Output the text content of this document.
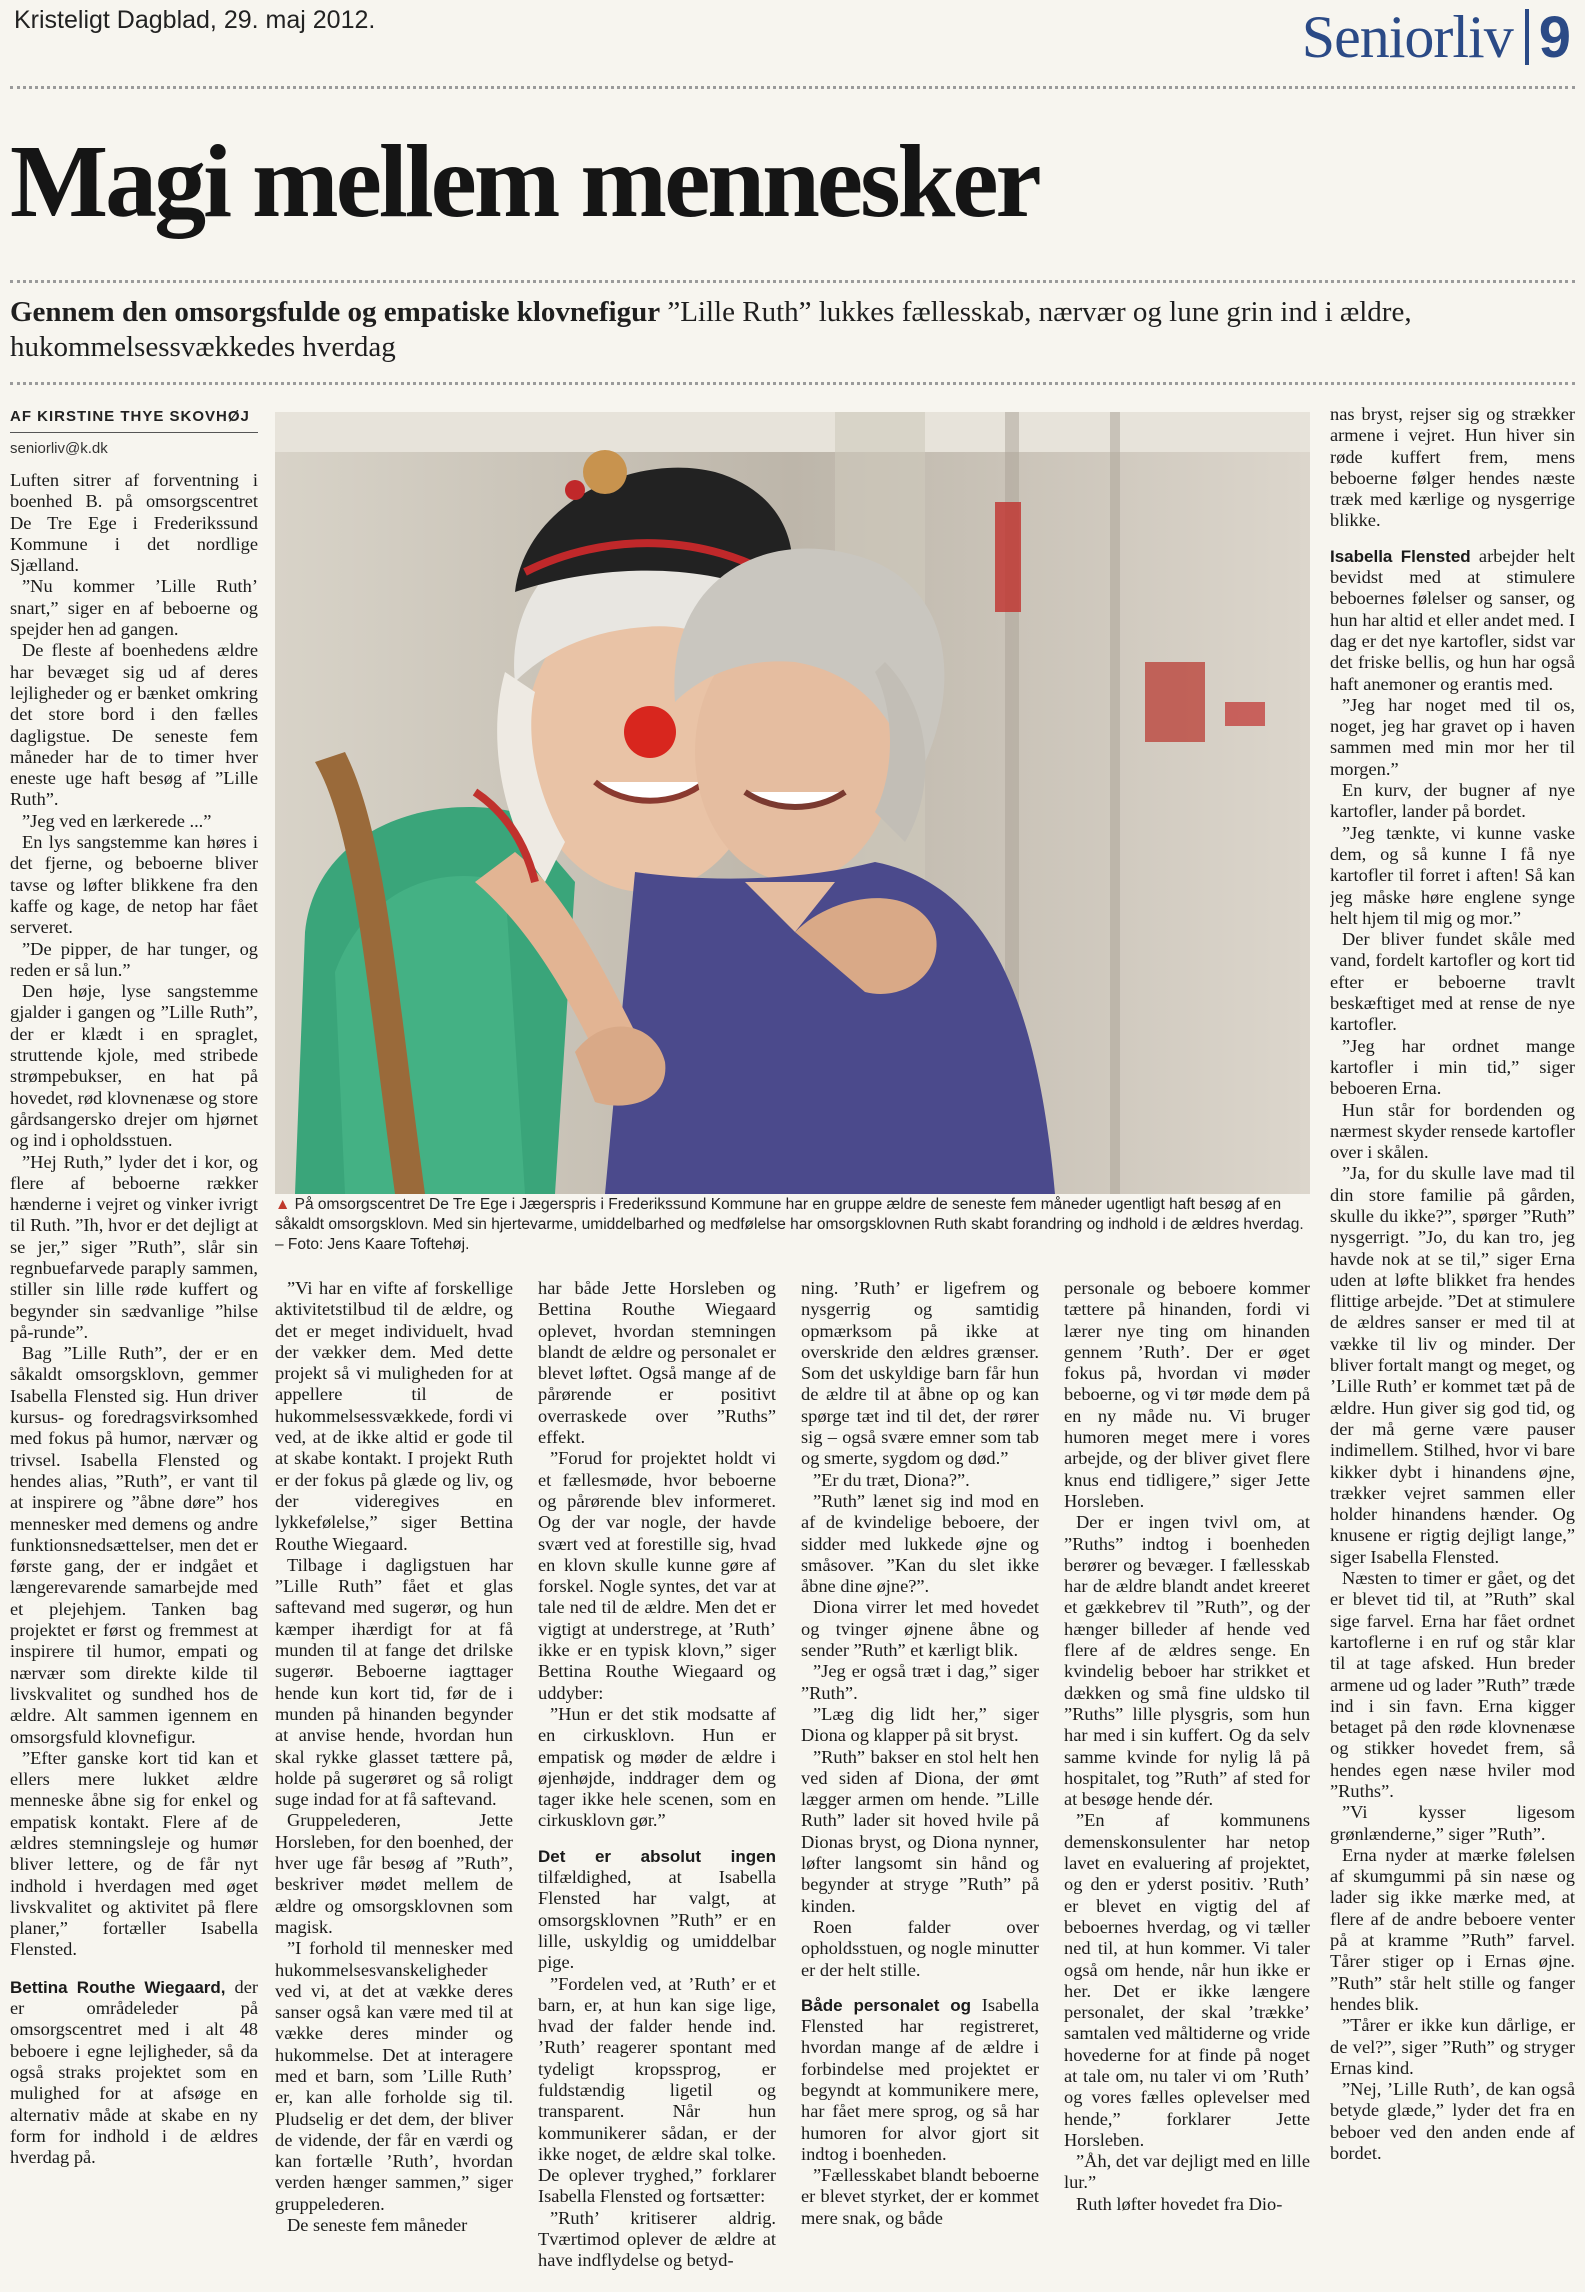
Kristeligt Dagblad, 29. maj 2012.	Seniorliv 9
Magi mellem mennesker
Gennem den omsorgsfulde og empatiske klovnefigur ”Lille Ruth” lukkes fællesskab, nærvær og lune grin ind i ældre, hukommelsessvækkedes hverdag
AF KIRSTINE THYE SKOVHØJ
seniorliv@k.dk
▲ På omsorgscentret De Tre Ege i Jægerspris i Frederikssund Kommune har en gruppe ældre de seneste fem måneder ugentligt haft besøg af en såkaldt omsorgsklovn. Med sin hjertevarme, umiddelbarhed og medfølelse har omsorgsklovnen Ruth skabt forandring og indhold i de ældres hverdag. – Foto: Jens Kaare Toftehøj.

Luften sitrer af forventning i boenhed B. på omsorgscentret De Tre Ege i Frederikssund Kommune i det nordlige Sjælland.

”Nu kommer ’Lille Ruth’ snart,” siger en af beboerne og spejder hen ad gangen.

De fleste af boenhedens ældre har bevæget sig ud af deres lejligheder og er bænket omkring det store bord i den fælles dagligstue. De seneste fem måneder har de to timer hver eneste uge haft besøg af ”Lille Ruth”.

”Jeg ved en lærkerede ...”

En lys sangstemme kan høres i det fjerne, og beboerne bliver tavse og løfter blikkene fra den kaffe og kage, de netop har fået serveret.

”De pipper, de har tunger, og reden er så lun.”

Den høje, lyse sangstemme gjalder i gangen og ”Lille Ruth”, der er klædt i en spraglet, struttende kjole, med stribede strømpebukser, en hat på hovedet, rød klovnenæse og store gårdsangersko drejer om hjørnet og ind i opholdsstuen.

”Hej Ruth,” lyder det i kor, og flere af beboerne rækker hænderne i vejret og vinker ivrigt til Ruth. ”Ih, hvor er det dejligt at se jer,” siger ”Ruth”, slår sin regnbuefarvede paraply sammen, stiller sin lille røde kuffert og begynder sin sædvanlige ”hilse på-runde”.

Bag ”Lille Ruth”, der er en såkaldt omsorgsklovn, gemmer Isabella Flensted sig. Hun driver kursus- og foredragsvirksomhed med fokus på humor, nærvær og trivsel. Isabella Flensted og hendes alias, ”Ruth”, er vant til at inspirere og ”åbne døre” hos mennesker med demens og andre funktionsnedsættelser, men det er første gang, der er indgået et længerevarende samarbejde med et plejehjem. Tanken bag projektet er først og fremmest at inspirere til humor, empati og nærvær som direkte kilde til livskvalitet og sundhed hos de ældre. Alt sammen igennem en omsorgsfuld klovnefigur.

”Efter ganske kort tid kan et ellers mere lukket ældre menneske åbne sig for enkel og empatisk kontakt. Flere af de ældres stemningsleje og humør bliver lettere, og de får nyt indhold i hverdagen med øget livskvalitet og aktivitet på flere planer,” fortæller Isabella Flensted.

Bettina Routhe Wiegaard, der er områdeleder på omsorgscentret med i alt 48 beboere i egne lejligheder, så da også straks projektet som en mulighed for at afsøge en alternativ måde at skabe en ny form for indhold i de ældres hverdag på.

”Vi har en vifte af forskellige aktivitetstilbud til de ældre, og det er meget individuelt, hvad der vækker dem. Med dette projekt så vi muligheden for at appellere til de hukommelsessvækkede, fordi vi ved, at de ikke altid er gode til at skabe kontakt. I projekt Ruth er der fokus på glæde og liv, og der videregives en lykkefølelse,” siger Bettina Routhe Wiegaard.

Tilbage i dagligstuen har ”Lille Ruth” fået et glas saftevand med sugerør, og hun kæmper ihærdigt for at få munden til at fange det drilske sugerør. Beboerne iagttager hende kun kort tid, før de i munden på hinanden begynder at anvise hende, hvordan hun skal rykke glasset tættere på, holde på sugerøret og så roligt suge indad for at få saftevand.

Gruppelederen, Jette Horsleben, for den boenhed, der hver uge får besøg af ”Ruth”, beskriver mødet mellem de ældre og omsorgsklovnen som magisk.

”I forhold til mennesker med hukommelsesvanskeligheder ved vi, at det at vække deres sanser også kan være med til at vække deres minder og hukommelse. Det at interagere med et barn, som ’Lille Ruth’ er, kan alle forholde sig til. Pludselig er det dem, der bliver de vidende, der får en værdi og kan fortælle ’Ruth’, hvordan verden hænger sammen,” siger gruppelederen.

De seneste fem måneder

har både Jette Horsleben og Bettina Routhe Wiegaard oplevet, hvordan stemningen blandt de ældre og personalet er blevet løftet. Også mange af de pårørende er positivt overraskede over ”Ruths” effekt.

”Forud for projektet holdt vi et fællesmøde, hvor beboerne og pårørende blev informeret. Og der var nogle, der havde svært ved at forestille sig, hvad en klovn skulle kunne gøre af forskel. Nogle syntes, det var at tale ned til de ældre. Men det er vigtigt at understrege, at ’Ruth’ ikke er en typisk klovn,” siger Bettina Routhe Wiegaard og uddyber:

”Hun er det stik modsatte af en cirkusklovn. Hun er empatisk og møder de ældre i øjenhøjde, inddrager dem og tager ikke hele scenen, som en cirkusklovn gør.”

Det er absolut ingen tilfældighed, at Isabella Flensted har valgt, at omsorgsklovnen ”Ruth” er en lille, uskyldig og umiddelbar pige.

”Fordelen ved, at ’Ruth’ er et barn, er, at hun kan sige lige, hvad der falder hende ind. ’Ruth’ reagerer spontant med tydeligt kropssprog, er fuldstændig ligetil og transparent. Når hun kommunikerer sådan, er der ikke noget, de ældre skal tolke. De oplever tryghed,” forklarer Isabella Flensted og fortsætter:

”Ruth’ kritiserer aldrig. Tværtimod oplever de ældre at have indflydelse og betyd-

ning. ’Ruth’ er ligefrem og nysgerrig og samtidig opmærksom på ikke at overskride den ældres grænser. Som det uskyldige barn får hun de ældre til at åbne op og kan spørge tæt ind til det, der rører sig – også svære emner som tab og smerte, sygdom og død.”

”Er du træt, Diona?”.

”Ruth” lænet sig ind mod en af de kvindelige beboere, der sidder med lukkede øjne og småsover. ”Kan du slet ikke åbne dine øjne?”.

Diona virrer let med hovedet og tvinger øjnene åbne og sender ”Ruth” et kærligt blik.

”Jeg er også træt i dag,” siger ”Ruth”.

”Læg dig lidt her,” siger Diona og klapper på sit bryst.

”Ruth” bakser en stol helt hen ved siden af Diona, der ømt lægger armen om hende. ”Lille Ruth” lader sit hoved hvile på Dionas bryst, og Diona nynner, løfter langsomt sin hånd og begynder at stryge ”Ruth” på kinden.

Roen falder over opholdsstuen, og nogle minutter er der helt stille.

Både personalet og Isabella Flensted har registreret, hvordan mange af de ældre i forbindelse med projektet er begyndt at kommunikere mere, har fået mere sprog, og så har humoren for alvor gjort sit indtog i boenheden.

”Fællesskabet blandt beboerne er blevet styrket, der er kommet mere snak, og både

personale og beboere kommer tættere på hinanden, fordi vi lærer nye ting om hinanden gennem ’Ruth’. Der er øget fokus på, hvordan vi møder beboerne, og vi tør møde dem på en ny måde nu. Vi bruger humoren meget mere i vores arbejde, og der bliver givet flere knus end tidligere,” siger Jette Horsleben.

Der er ingen tvivl om, at ”Ruths” indtog i boenheden berører og bevæger. I fællesskab har de ældre blandt andet kreeret et gækkebrev til ”Ruth”, og der hænger billeder af hende ved flere af de ældres senge. En kvindelig beboer har strikket et dækken og små fine uldsko til ”Ruths” lille plysgris, som hun har med i sin kuffert. Og da selv samme kvinde for nylig lå på hospitalet, tog ”Ruth” af sted for at besøge hende dér.

”En af kommunens demenskonsulenter har netop lavet en evaluering af projektet, og den er yderst positiv. ’Ruth’ er blevet en vigtig del af beboernes hverdag, og vi tæller ned til, at hun kommer. Vi taler også om hende, når hun ikke er her. Det er ikke længere personalet, der skal ’trække’ samtalen ved måltiderne og vride hovederne for at finde på noget at tale om, nu taler vi om ’Ruth’ og vores fælles oplevelser med hende,” forklarer Jette Horsleben.

”Åh, det var dejligt med en lille lur.”

Ruth løfter hovedet fra Dio-

nas bryst, rejser sig og strækker armene i vejret. Hun hiver sin røde kuffert frem, mens beboerne følger hendes næste træk med kærlige og nysgerrige blikke.

Isabella Flensted arbejder helt bevidst med at stimulere beboernes følelser og sanser, og hun har altid et eller andet med. I dag er det nye kartofler, sidst var det friske bellis, og hun har også haft anemoner og erantis med.

”Jeg har noget med til os, noget, jeg har gravet op i haven sammen med min mor her til morgen.”

En kurv, der bugner af nye kartofler, lander på bordet.

”Jeg tænkte, vi kunne vaske dem, og så kunne I få nye kartofler til forret i aften! Så kan jeg måske høre englene synge helt hjem til mig og mor.”

Der bliver fundet skåle med vand, fordelt kartofler og kort tid efter er beboerne travlt beskæftiget med at rense de nye kartofler.

”Jeg har ordnet mange kartofler i min tid,” siger beboeren Erna.

Hun står for bordenden og nærmest skyder rensede kartofler over i skålen.

”Ja, for du skulle lave mad til din store familie på gården, skulle du ikke?”, spørger ”Ruth” nysgerrigt. ”Jo, du kan tro, jeg havde nok at se til,” siger Erna uden at løfte blikket fra hendes flittige arbejde. ”Det at stimulere de ældres sanser er med til at vække til liv og minder. Der bliver fortalt mangt og meget, og ’Lille Ruth’ er kommet tæt på de ældre. Hun giver sig god tid, og der må gerne være pauser indimellem. Stilhed, hvor vi bare kikker dybt i hinandens øjne, trækker vejret sammen eller holder hinandens hænder. Og knusene er rigtig dejligt lange,” siger Isabella Flensted.

Næsten to timer er gået, og det er blevet tid til, at ”Ruth” skal sige farvel. Erna har fået ordnet kartoflerne i en ruf og står klar til at tage afsked. Hun breder armene ud og lader ”Ruth” træde ind i sin favn. Erna kigger betaget på den røde klovnenæse og stikker hovedet frem, så hendes egen næse hviler mod ”Ruths”.

”Vi kysser ligesom grønlænderne,” siger ”Ruth”.

Erna nyder at mærke følelsen af skumgummi på sin næse og lader sig ikke mærke med, at flere af de andre beboere venter på at kramme ”Ruth” farvel. Tårer stiger op i Ernas øjne. ”Ruth” står helt stille og fanger hendes blik.

”Tårer er ikke kun dårlige, er de vel?”, siger ”Ruth” og stryger Ernas kind.

”Nej, ’Lille Ruth’, de kan også betyde glæde,” lyder det fra en beboer ved den anden ende af bordet.
